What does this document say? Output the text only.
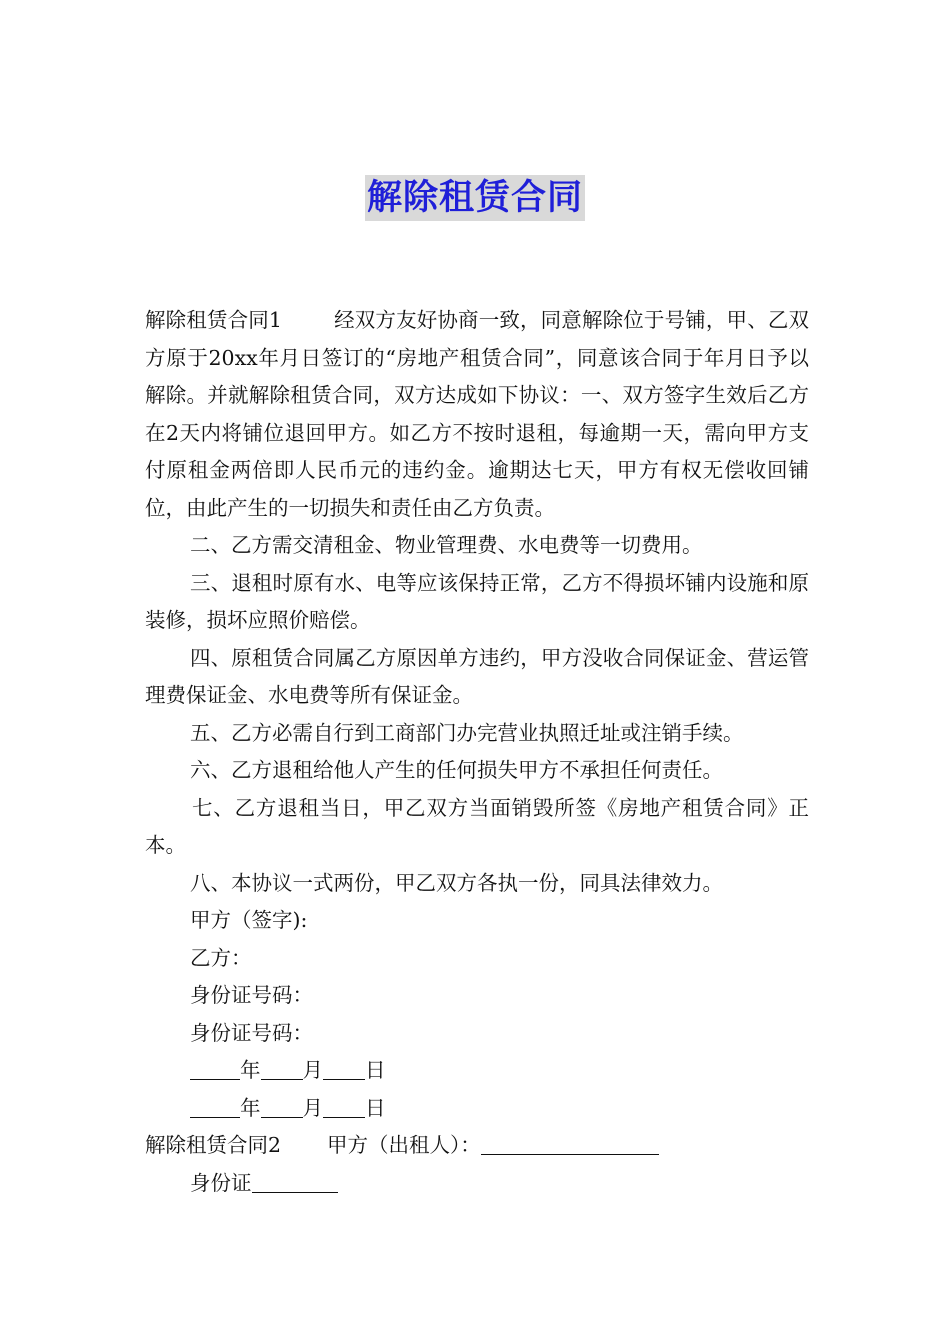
解除租赁合同

解除租赁合同1	经双方友好协商一致，同意解除位于号铺，甲、乙双方原于20xx年月日签订的“房地产租赁合同”，同意该合同于年月日予以解除。并就解除租赁合同，双方达成如下协议：一、双方签字生效后乙方在2天内将铺位退回甲方。如乙方不按时退租，每逾期一天，需向甲方支付原租金两倍即人民币元的违约金。逾期达七天，甲方有权无偿收回铺位，由此产生的一切损失和责任由乙方负责。

二、乙方需交清租金、物业管理费、水电费等一切费用。

三、退租时原有水、电等应该保持正常，乙方不得损坏铺内设施和原装修，损坏应照价赔偿。

四、原租赁合同属乙方原因单方违约，甲方没收合同保证金、营运管理费保证金、水电费等所有保证金。

五、乙方必需自行到工商部门办完营业执照迁址或注销手续。

六、乙方退租给他人产生的任何损失甲方不承担任何责任。

七、乙方退租当日，甲乙双方当面销毁所签《房地产租赁合同》正本。

八、本协议一式两份，甲乙双方各执一份，同具法律效力。

甲方（签字):

乙方：

身份证号码：

身份证号码：

年 月 日

年 月 日

解除租赁合同2 甲方（出租人）：

身份证
